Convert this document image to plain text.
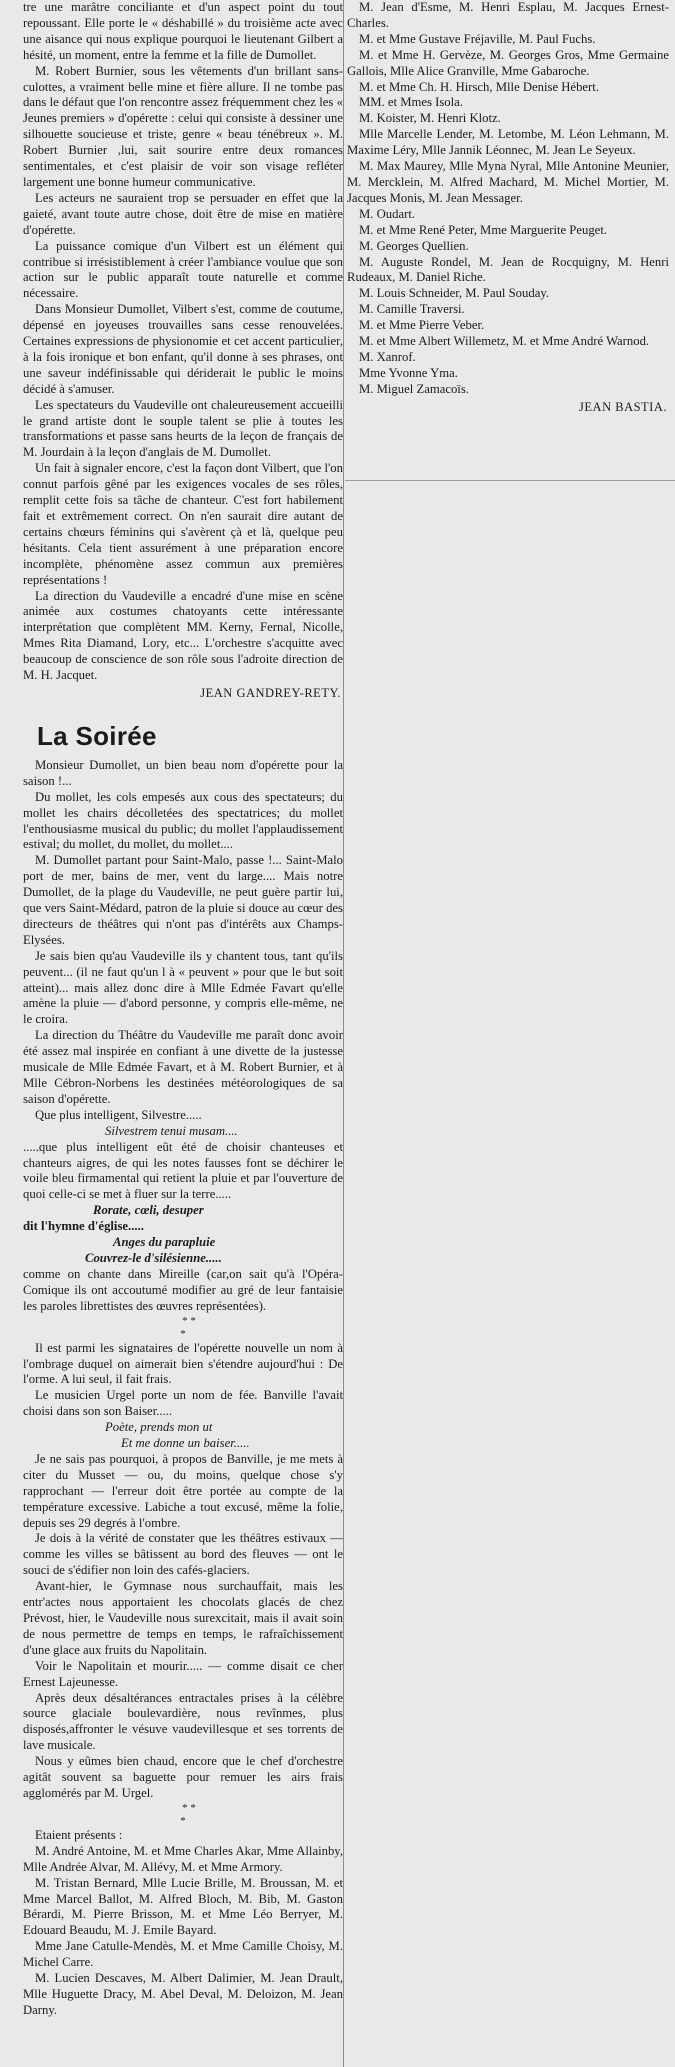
tre une marâtre conciliante et d'un aspect point du tout repoussant. Elle porte le « déshabillé » du troisième acte avec une aisance qui nous explique pourquoi le lieutenant Gilbert a hésité, un moment, entre la femme et la fille de Dumollet.

M. Robert Burnier, sous les vêtements d'un brillant sans-culottes, a vraiment belle mine et fière allure. Il ne tombe pas dans le défaut que l'on rencontre assez fréquemment chez les « Jeunes premiers » d'opérette : celui qui consiste à dessiner une silhouette soucieuse et triste, genre « beau ténébreux ». M. Robert Burnier ,lui, sait sourire entre deux romances sentimentales, et c'est plaisir de voir son visage refléter largement une bonne humeur communicative.

Les acteurs ne sauraient trop se persuader en effet que la gaieté, avant toute autre chose, doit être de mise en matière d'opérette.

La puissance comique d'un Vilbert est un élément qui contribue si irrésistiblement à créer l'ambiance voulue que son action sur le public apparaît toute naturelle et comme nécessaire.

Dans Monsieur Dumollet, Vilbert s'est, comme de coutume, dépensé en joyeuses trouvailles sans cesse renouvelées. Certaines expressions de physionomie et cet accent particulier, à la fois ironique et bon enfant, qu'il donne à ses phrases, ont une saveur indéfinissable qui dériderait le public le moins décidé à s'amuser.

Les spectateurs du Vaudeville ont chaleureusement accueilli le grand artiste dont le souple talent se plie à toutes les transformations et passe sans heurts de la leçon de français de M. Jourdain à la leçon d'anglais de M. Dumollet.

Un fait à signaler encore, c'est la façon dont Vilbert, que l'on connut parfois gêné par les exigences vocales de ses rôles, remplit cette fois sa tâche de chanteur. C'est fort habilement fait et extrêmement correct. On n'en saurait dire autant de certains chœurs féminins qui s'avèrent çà et là, quelque peu hésitants. Cela tient assurément à une préparation encore incomplète, phénomène assez commun aux premières représentations !

La direction du Vaudeville a encadré d'une mise en scène animée aux costumes chatoyants cette intéressante interprétation que complètent MM. Kerny, Fernal, Nicolle, Mmes Rita Diamand, Lory, etc... L'orchestre s'acquitte avec beaucoup de conscience de son rôle sous l'adroite direction de M. H. Jacquet.

JEAN GANDREY-RETY.
La Soirée

Monsieur Dumollet, un bien beau nom d'opérette pour la saison !...

Du mollet, les cols empesés aux cous des spectateurs; du mollet les chairs décolletées des spectatrices; du mollet l'enthousiasme musical du public; du mollet l'applaudissement estival; du mollet, du mollet, du mollet....

M. Dumollet partant pour Saint-Malo, passe !... Saint-Malo port de mer, bains de mer, vent du large.... Mais notre Dumollet, de la plage du Vaudeville, ne peut guère partir lui, que vers Saint-Médard, patron de la pluie si douce au cœur des directeurs de théâtres qui n'ont pas d'intérêts aux Champs-Elysées.

Je sais bien qu'au Vaudeville ils y chantent tous, tant qu'ils peuvent... (il ne faut qu'un l à « peuvent » pour que le but soit atteint)... mais allez donc dire à Mlle Edmée Favart qu'elle amène la pluie — d'abord personne, y compris elle-même, ne le croira.

La direction du Théâtre du Vaudeville me paraît donc avoir été assez mal inspirée en confiant à une divette de la justesse musicale de Mlle Edmée Favart, et à M. Robert Burnier, et à Mlle Cébron-Norbens les destinées météorologiques de sa saison d'opérette.

Que plus intelligent, Silvestre.....

Silvestrem tenui musam....

.....que plus intelligent eût été de choisir chanteuses et chanteurs aigres, de qui les notes fausses font se déchirer le voile bleu firmamental qui retient la pluie et par l'ouverture de quoi celle-ci se met à fluer sur la terre.....

Rorate, cœli, desuper

dit l'hymne d'église.....

Anges du parapluie

Couvrez-le d'silésienne.....

comme on chante dans Mireille (car,on sait qu'à l'Opéra-Comique ils ont accoutumé modifier au gré de leur fantaisie les paroles librettistes des œuvres représentées).

* *
*

Il est parmi les signataires de l'opérette nouvelle un nom à l'ombrage duquel on aimerait bien s'étendre aujourd'hui : De l'orme. A lui seul, il fait frais.

Le musicien Urgel porte un nom de fée. Banville l'avait choisi dans son son Baiser.....

Poète, prends mon ut

Et me donne un baiser.....

Je ne sais pas pourquoi, à propos de Banville, je me mets à citer du Musset — ou, du moins, quelque chose s'y rapprochant — l'erreur doit être portée au compte de la température excessive. Labiche a tout excusé, même la folie, depuis ses 29 degrés à l'ombre.

Je dois à la vérité de constater que les théâtres estivaux — comme les villes se bâtissent au bord des fleuves — ont le souci de s'édifier non loin des cafés-glaciers.

Avant-hier, le Gymnase nous surchauffait, mais les entr'actes nous apportaient les chocolats glacés de chez Prévost, hier, le Vaudeville nous surexcitait, mais il avait soin de nous permettre de temps en temps, le rafraîchissement d'une glace aux fruits du Napolitain.

Voir le Napolitain et mourir..... — comme disait ce cher Ernest Lajeunesse.

Après deux désaltérances entractales prises à la célèbre source glaciale boulevardière, nous revînmes, plus disposés,affronter le vésuve vaudevillesque et ses torrents de lave musicale.

Nous y eûmes bien chaud, encore que le chef d'orchestre agitât souvent sa baguette pour remuer les airs frais agglomérés par M. Urgel.

* *
*

Etaient présents :

M. André Antoine, M. et Mme Charles Akar, Mme Allainby, Mlle Andrée Alvar, M. Allévy, M. et Mme Armory.

M. Tristan Bernard, Mlle Lucie Brille, M. Broussan, M. et Mme Marcel Ballot, M. Alfred Bloch, M. Bib, M. Gaston Bérardi, M. Pierre Brisson, M. et Mme Léo Berryer, M. Edouard Beaudu, M. J. Emile Bayard.

Mme Jane Catulle-Mendès, M. et Mme Camille Choisy, M. Michel Carre.

M. Lucien Descaves, M. Albert Dalimier, M. Jean Drault, Mlle Huguette Dracy, M. Abel Deval, M. Deloizon, M. Jean Darny.

M. Jean d'Esme, M. Henri Esplau, M. Jacques Ernest-Charles.

M. et Mme Gustave Fréjaville, M. Paul Fuchs.

M. et Mme H. Gervèze, M. Georges Gros, Mme Germaine Gallois, Mlle Alice Granville, Mme Gabaroche.

M. et Mme Ch. H. Hirsch, Mlle Denise Hébert.

MM. et Mmes Isola.

M. Koister, M. Henri Klotz.

Mlle Marcelle Lender, M. Letombe, M. Léon Lehmann, M. Maxime Léry, Mlle Jannik Léonnec, M. Jean Le Seyeux.

M. Max Maurey, Mlle Myna Nyral, Mlle Antonine Meunier, M. Mercklein, M. Alfred Machard, M. Michel Mortier, M. Jacques Monis, M. Jean Messager.

M. Oudart.

M. et Mme René Peter, Mme Marguerite Peuget.

M. Georges Quellien.

M. Auguste Rondel, M. Jean de Rocquigny, M. Henri Rudeaux, M. Daniel Riche.

M. Louis Schneider, M. Paul Souday.

M. Camille Traversi.

M. et Mme Pierre Veber.

M. et Mme Albert Willemetz, M. et Mme André Warnod.

M. Xanrof.

Mme Yvonne Yma.

M. Miguel Zamacoïs.

JEAN BASTIA.
